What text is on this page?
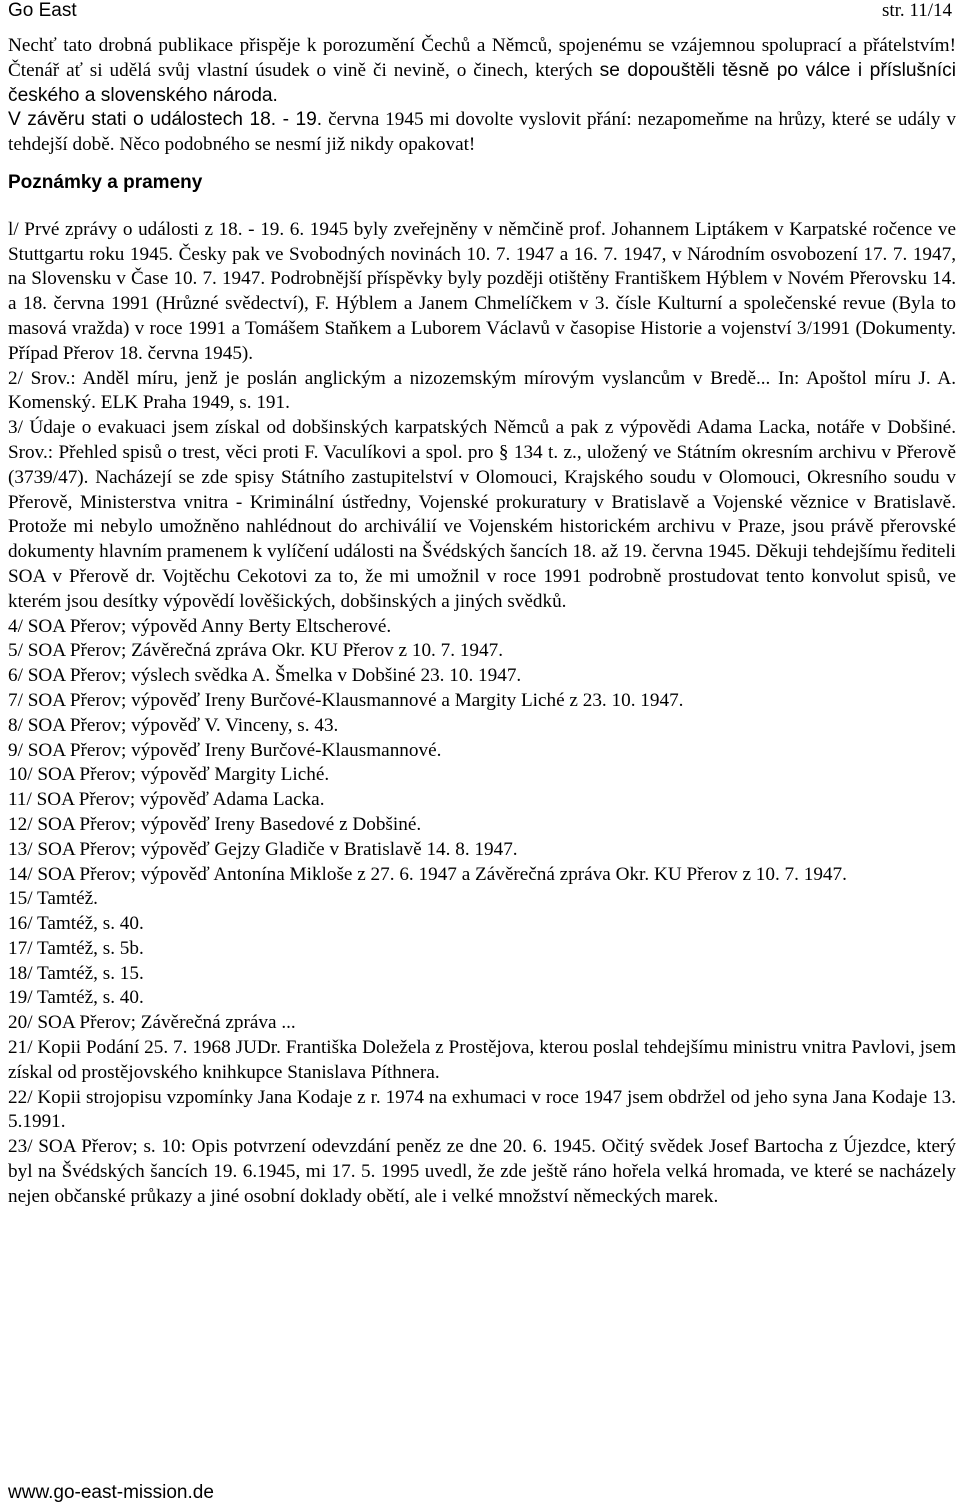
Go East	str. 11/14

Nechť tato drobná publikace přispěje k porozumění Čechů a Němců, spojenému se vzájemnou spoluprací a přátelstvím! Čtenář ať si udělá svůj vlastní úsudek o vině či nevině, o činech, kterých se dopouštěli těsně po válce i příslušníci českého a slovenského národa.

V závěru stati o událostech 18. - 19. června 1945 mi dovolte vyslovit přání: nezapomeňme na hrůzy, které se udály v tehdejší době. Něco podobného se nesmí již nikdy opakovat!

Poznámky a prameny

l/ Prvé zprávy o události z 18. - 19. 6. 1945 byly zveřejněny v němčině prof. Johannem Liptákem v Karpatské ročence ve Stuttgartu roku 1945. Česky pak ve Svobodných novinách 10. 7. 1947 a 16. 7. 1947, v Národním osvobození 17. 7. 1947, na Slovensku v Čase 10. 7. 1947. Podrobnější příspěvky byly později otištěny Františkem Hýblem v Novém Přerovsku 14. a 18. června 1991 (Hrůzné svědectví), F. Hýblem a Janem Chmelíčkem v 3. čísle Kulturní a společenské revue (Byla to masová vražda) v roce 1991 a Tomášem Staňkem a Luborem Václavů v časopise Historie a vojenství 3/1991 (Dokumenty. Případ Přerov 18. června 1945).
2/ Srov.: Anděl míru, jenž je poslán anglickým a nizozemským mírovým vyslancům v Bredě... In: Apoštol míru J. A. Komenský. ELK Praha 1949, s. 191.
3/ Údaje o evakuaci jsem získal od dobšinských karpatských Němců a pak z výpovědi Adama Lacka, notáře v Dobšiné. Srov.: Přehled spisů o trest, věci proti F. Vaculíkovi a spol. pro § 134 t. z., uložený ve Státním okresním archivu v Přerově (3739/47). Nacházejí se zde spisy Státního zastupitelství v Olomouci, Krajského soudu v Olomouci, Okresního soudu v Přerově, Ministerstva vnitra - Kriminální ústředny, Vojenské prokuratury v Bratislavě a Vojenské věznice v Bratislavě. Protože mi nebylo umožněno nahlédnout do archiválií ve Vojenském historickém archivu v Praze, jsou právě přerovské dokumenty hlavním pramenem k vylíčení události na Švédských šancích 18. až 19. června 1945. Děkuji tehdejšímu řediteli SOA v Přerově dr. Vojtěchu Cekotovi za to, že mi umožnil v roce 1991 podrobně prostudovat tento konvolut spisů, ve kterém jsou desítky výpovědí lověšických, dobšinských a jiných svědků.
4/ SOA Přerov; výpověd Anny Berty Eltscherové.
5/ SOA Přerov; Závěrečná zpráva Okr. KU Přerov z 10. 7. 1947.
6/ SOA Přerov; výslech svědka A. Šmelka v Dobšiné 23. 10. 1947.
7/ SOA Přerov; výpověď Ireny Burčové-Klausmannové a Margity Liché z 23. 10. 1947.
8/ SOA Přerov; výpověď V. Vinceny, s. 43.
9/ SOA Přerov; výpověď Ireny Burčové-Klausmannové.
10/ SOA Přerov; výpověď Margity Liché.
11/ SOA Přerov; výpověď Adama Lacka.
12/ SOA Přerov; výpověď Ireny Basedové z Dobšiné.
13/ SOA Přerov; výpověď Gejzy Gladiče v Bratislavě 14. 8. 1947.
14/ SOA Přerov; výpověď Antonína Mikloše z 27. 6. 1947 a Závěrečná zpráva Okr. KU Přerov z 10. 7. 1947.
15/ Tamtéž.
16/ Tamtéž, s. 40.
17/ Tamtéž, s. 5b.
18/ Tamtéž, s. 15.
19/ Tamtéž, s. 40.
20/ SOA Přerov; Závěrečná zpráva ...
21/ Kopii Podání 25. 7. 1968 JUDr. Františka Doležela z Prostějova, kterou poslal tehdejšímu ministru vnitra Pavlovi, jsem získal od prostějovského knihkupce Stanislava Píthnera.
22/ Kopii strojopisu vzpomínky Jana Kodaje z r. 1974 na exhumaci v roce 1947 jsem obdržel od jeho syna Jana Kodaje 13. 5.1991.
23/ SOA Přerov; s. 10: Opis potvrzení odevzdání peněz ze dne 20. 6. 1945. Očitý svědek Josef Bartocha z Újezdce, který byl na Švédských šancích 19. 6.1945, mi 17. 5. 1995 uvedl, že zde ještě ráno hořela velká hromada, ve které se nacházely nejen občanské průkazy a jiné osobní doklady obětí, ale i velké množství německých marek.
www.go-east-mission.de
